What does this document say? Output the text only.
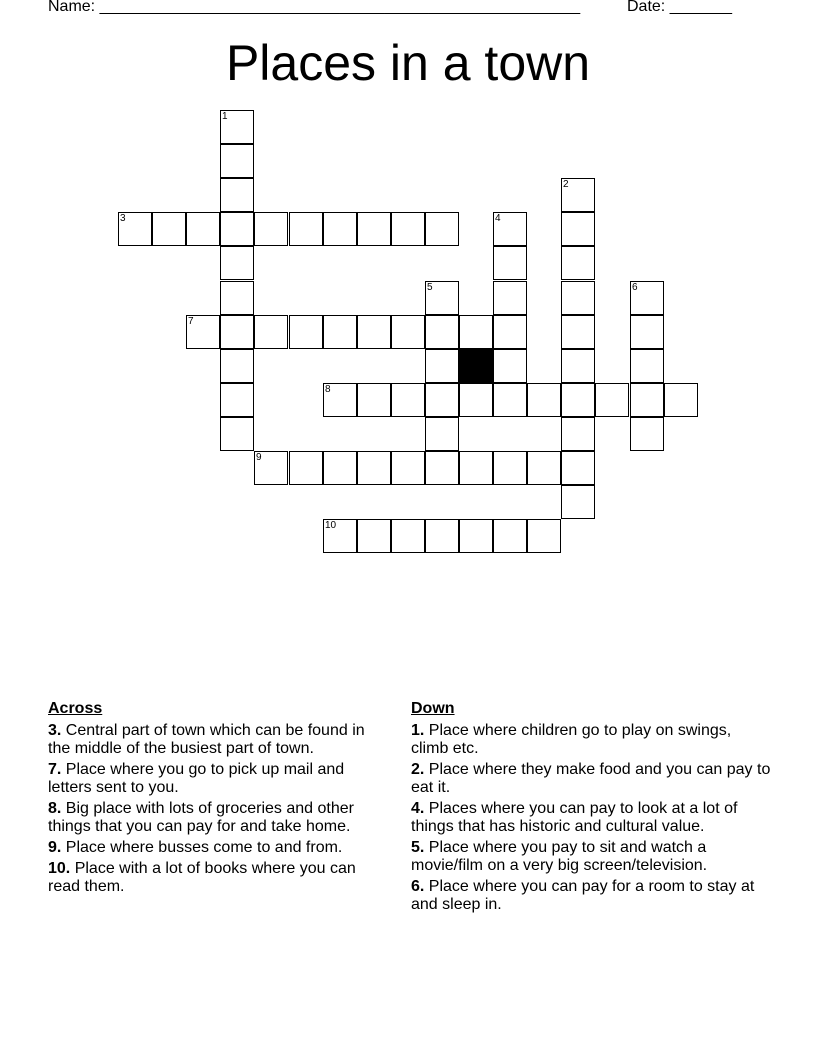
Name: ______________________________________________________	Date: _______
Places in a town
1
2
3	4
5	6
7
8
9
10
Across
3. Central part of town which can be found in the middle of the busiest part of town.
7. Place where you go to pick up mail and letters sent to you.
8. Big place with lots of groceries and other things that you can pay for and take home.
9. Place where busses come to and from.
10. Place with a lot of books where you can read them.
Down
1. Place where children go to play on swings, climb etc.
2. Place where they make food and you can pay to eat it.
4. Places where you can pay to look at a lot of things that has historic and cultural value.
5. Place where you pay to sit and watch a movie/film on a very big screen/television.
6. Place where you can pay for a room to stay at and sleep in.
